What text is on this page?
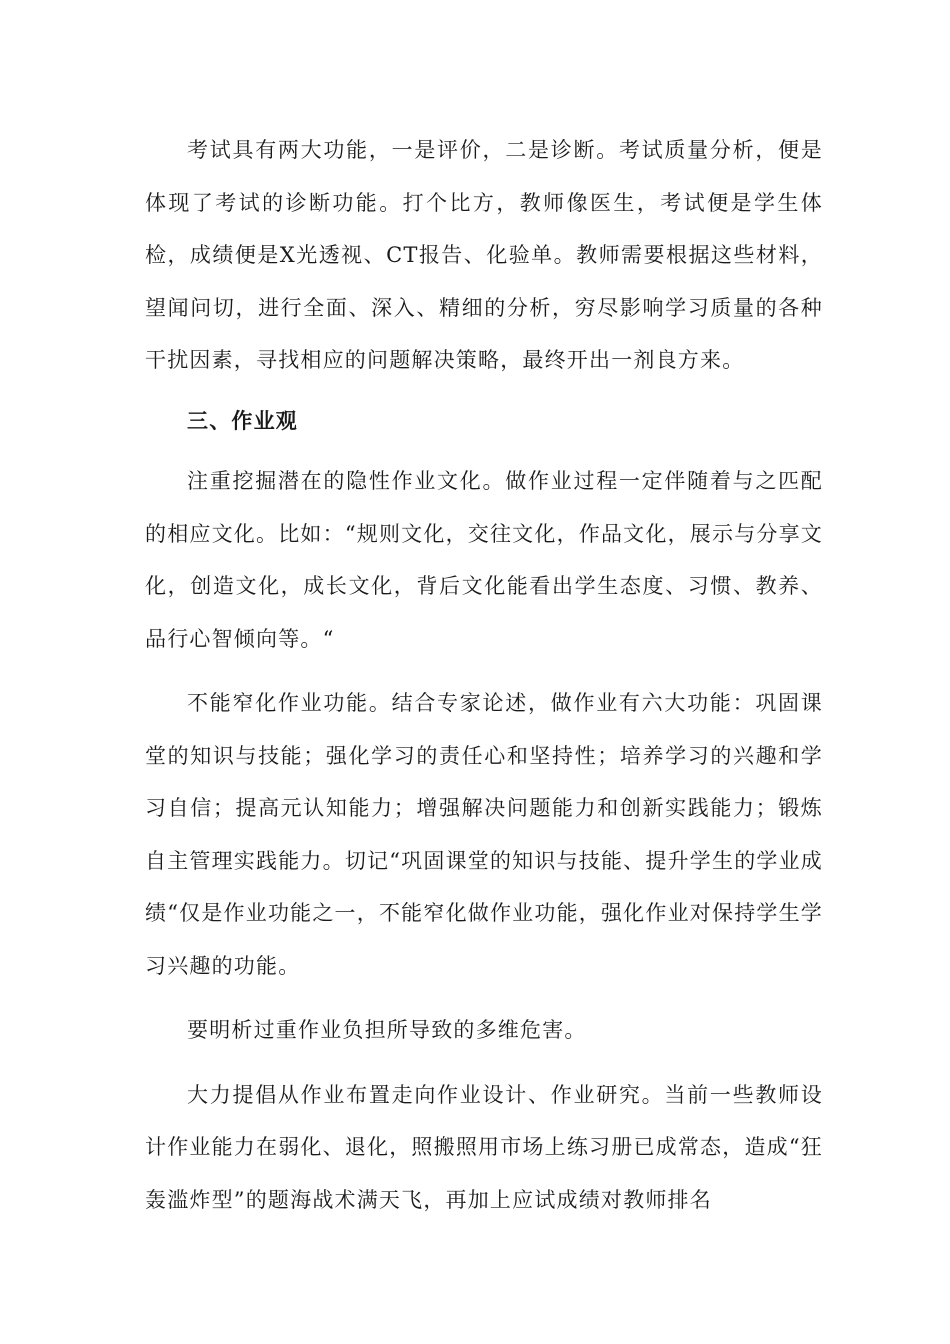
考试具有两大功能，一是评价，二是诊断。考试质量分析，便是体现了考试的诊断功能。打个比方，教师像医生，考试便是学生体检，成绩便是X光透视、CT报告、化验单。教师需要根据这些材料，望闻问切，进行全面、深入、精细的分析，穷尽影响学习质量的各种干扰因素，寻找相应的问题解决策略，最终开出一剂良方来。

三、作业观

注重挖掘潜在的隐性作业文化。做作业过程一定伴随着与之匹配的相应文化。比如：“规则文化，交往文化，作品文化，展示与分享文化，创造文化，成长文化，背后文化能看出学生态度、习惯、教养、品行心智倾向等。“

不能窄化作业功能。结合专家论述，做作业有六大功能：巩固课堂的知识与技能；强化学习的责任心和坚持性；培养学习的兴趣和学习自信；提高元认知能力；增强解决问题能力和创新实践能力；锻炼自主管理实践能力。切记“巩固课堂的知识与技能、提升学生的学业成绩“仅是作业功能之一，不能窄化做作业功能，强化作业对保持学生学习兴趣的功能。

要明析过重作业负担所导致的多维危害。

大力提倡从作业布置走向作业设计、作业研究。当前一些教师设计作业能力在弱化、退化，照搬照用市场上练习册已成常态，造成“狂轰滥炸型”的题海战术满天飞，再加上应试成绩对教师排名
